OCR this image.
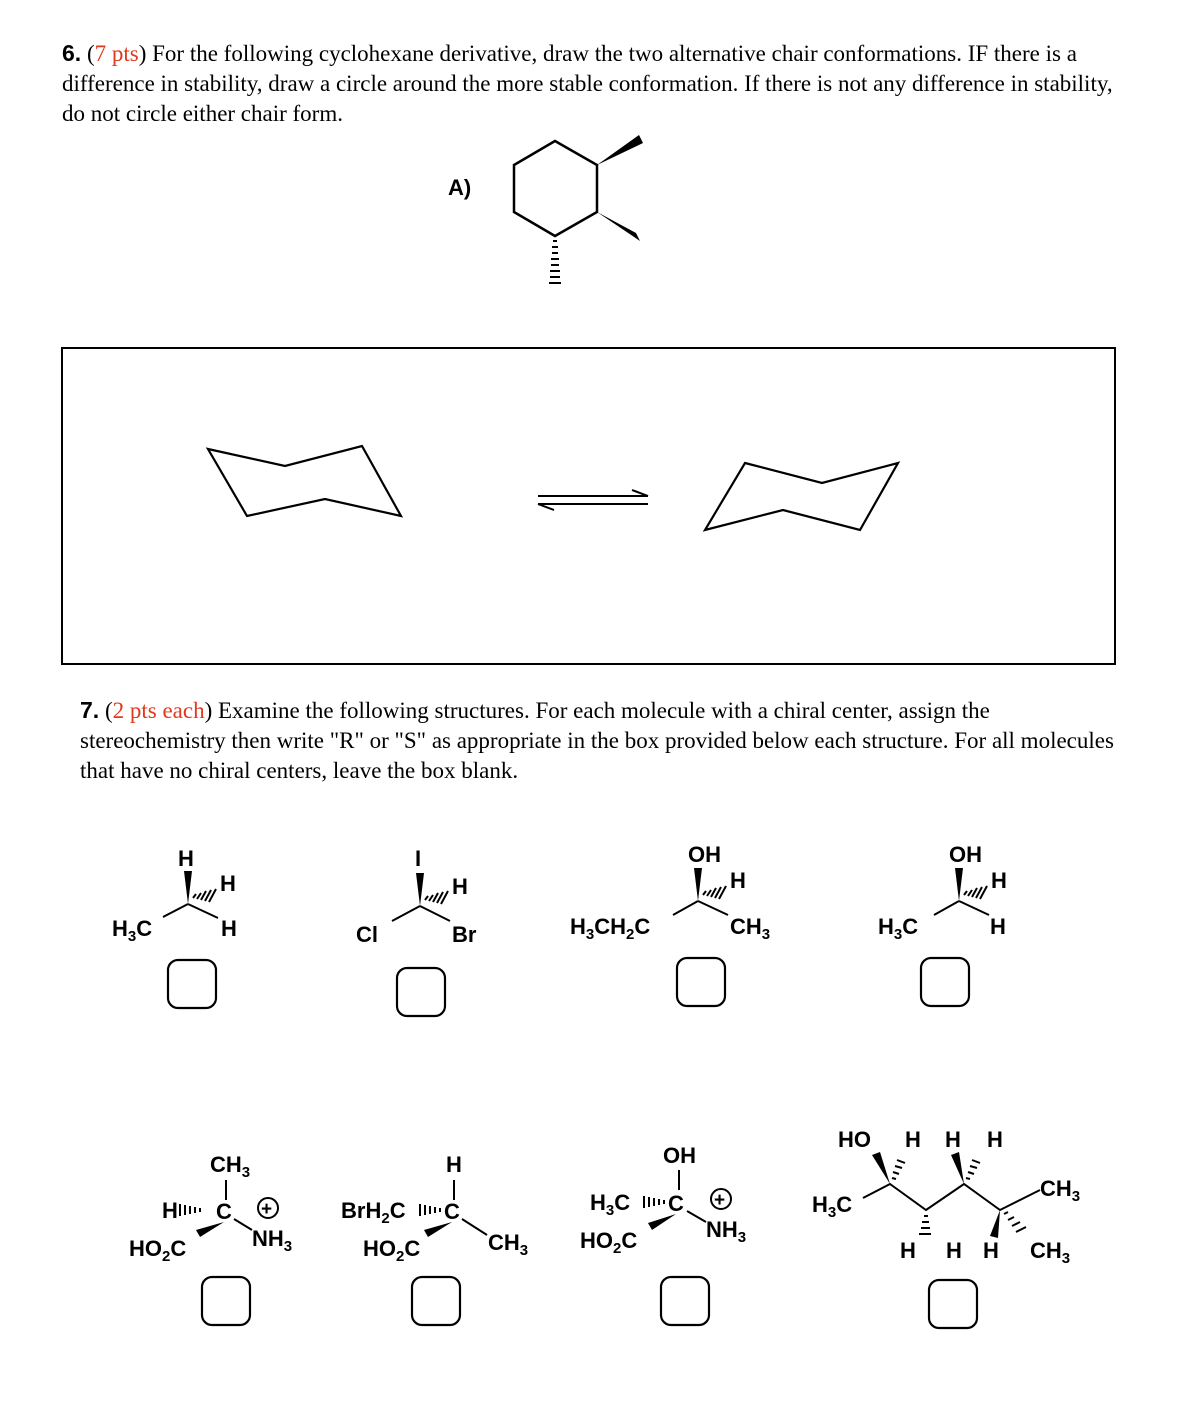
6. (7 pts) For the following cyclohexane derivative, draw the two alternative chair conformations. IF there is a difference in stability, draw a circle around the more stable conformation. If there is not any difference in stability, do not circle either chair form.
7. (2 pts each) Examine the following structures. For each molecule with a chiral center, assign the stereochemistry then write "R" or "S" as appropriate in the box provided below each structure. For all molecules that have no chiral centers, leave the box blank.
A)
H
H
$H_3C$	H
I
H
Cl	Br
OH
H
$H_3CH_2C$	$CH_3$
OH
H
$H_3C$	H
$CH_3$
H C +
$NH_3$
$HO_2C$
H
BrH$_2$C C
$CH_3$
$HO_2C$
OH
$H_3C$ C +
$NH_3$
$HO_2C$
HO H H H
$H_3C$
$CH_3$
H H H $CH_3$
